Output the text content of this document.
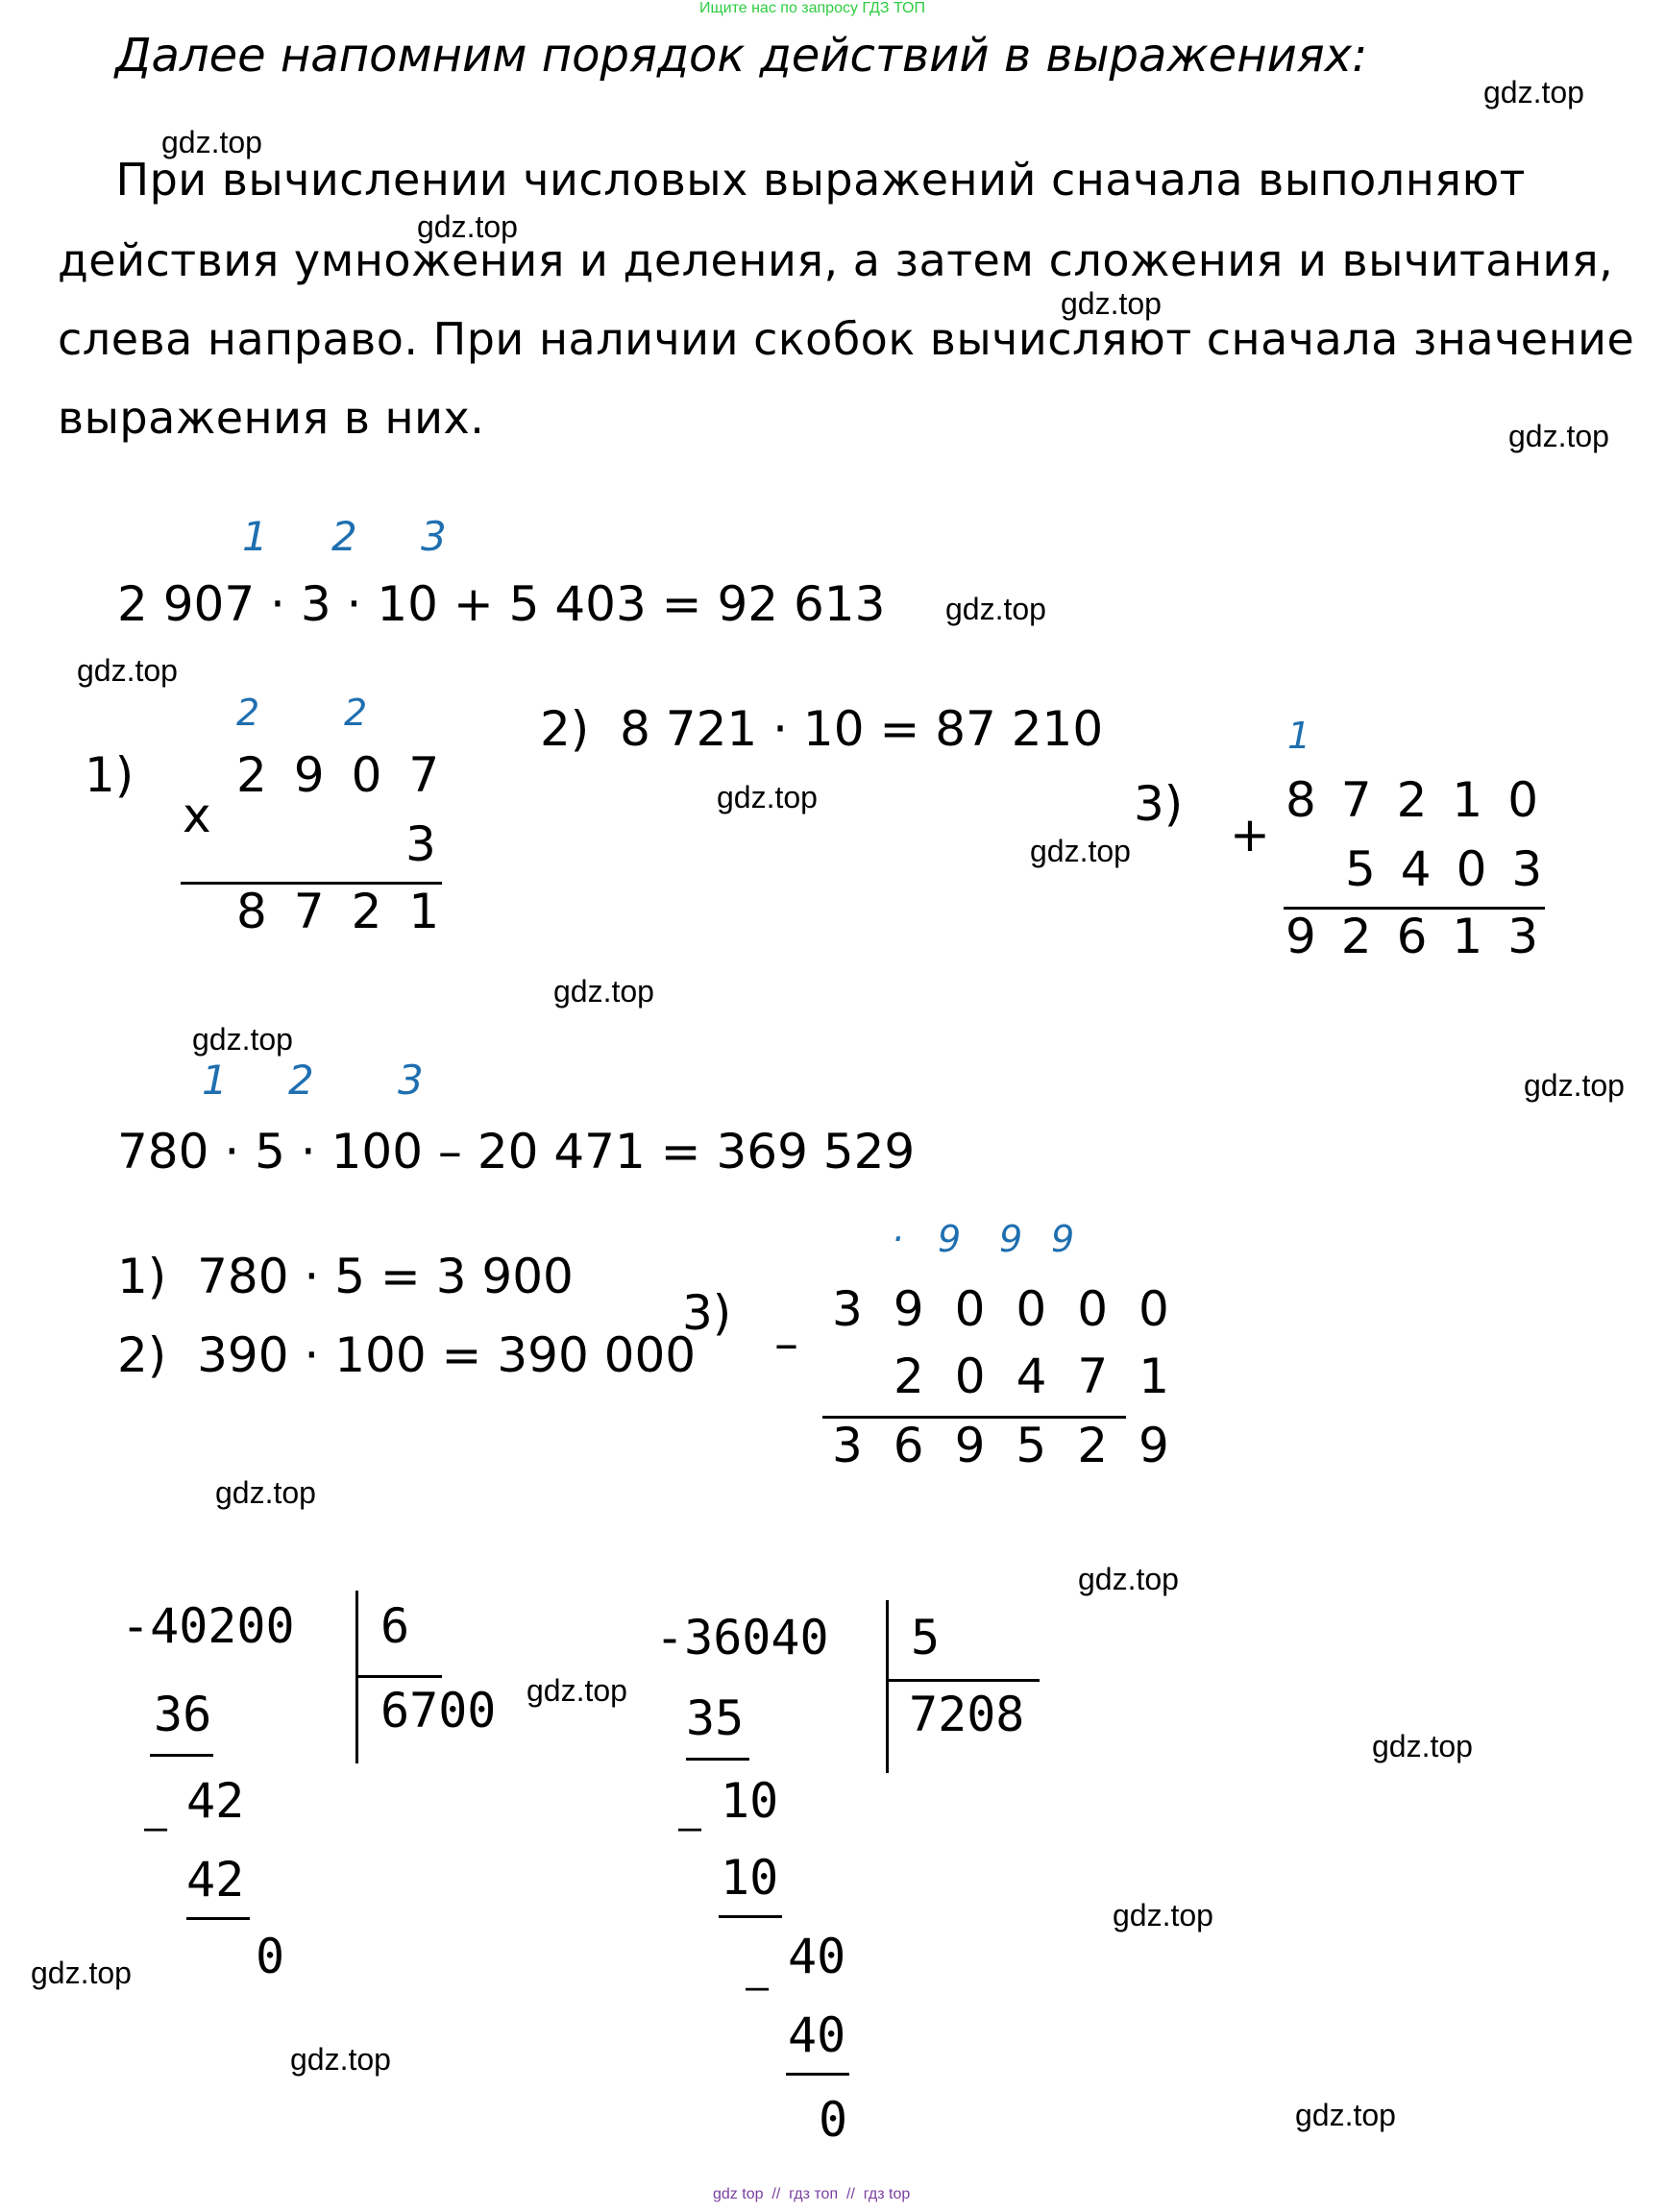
Ищите нас по запросу ГДЗ ТОП
Далее напомним порядок действий в выражениях:
При вычислении числовых выражений сначала выполняют
действия умножения и деления, а затем сложения и вычитания,
слева направо. При наличии скобок вычисляют сначала значение
выражения в них.
1 2 3
2 907 · 3 · 10 + 5 403 = 92 613
1)
2 2
x
2907
3
8721
2)  8 721 · 10 = 87 210
3)
1
+
87210
5403
92613
1 2 3
780 · 5 · 100 – 20 471 = 369 529
1)  780 · 5 = 3 900
2)  390 · 100 = 390 000
3)
· 9 9 9
–
390000
20471
369529
-40200 6
6700
36
– 42
42
0
-36040 5
7208
35
– 10
10
–
40
40
0
gdz.top
gdz.top
gdz.top
gdz.top
gdz.top
gdz.top
gdz.top
gdz.top
gdz.top
gdz.top
gdz.top
gdz.top
gdz.top
gdz.top
gdz.top
gdz.top
gdz.top
gdz.top
gdz.top
gdz.top
gdz top  //  гдз топ  //  гдз top
